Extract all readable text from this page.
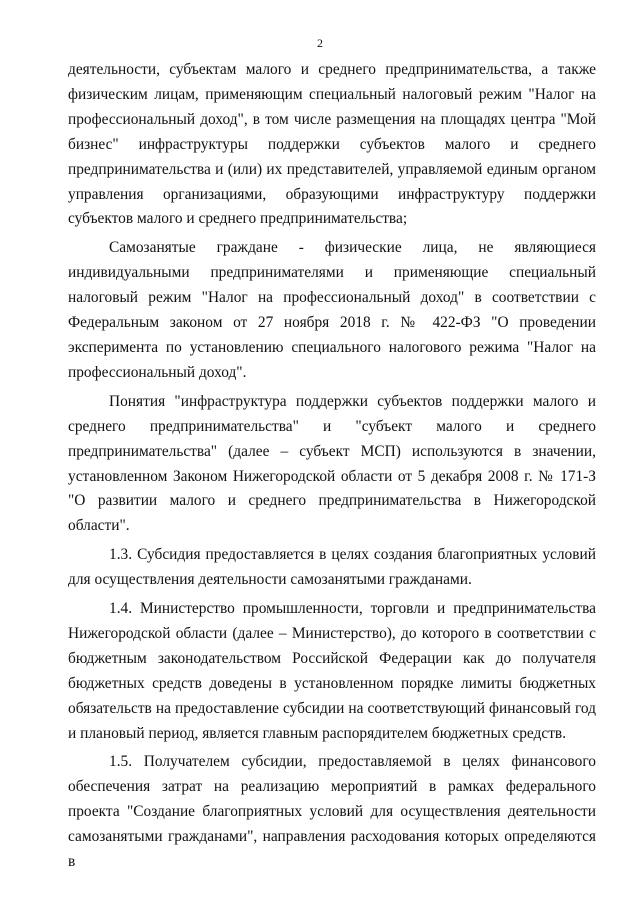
2

деятельности, субъектам малого и среднего предпринимательства, а также физическим лицам, применяющим специальный налоговый режим "Налог на профессиональный доход", в том числе размещения на площадях центра "Мой бизнес" инфраструктуры поддержки субъектов малого и среднего предпринимательства и (или) их представителей, управляемой единым органом управления организациями, образующими инфраструктуру поддержки субъектов малого и среднего предпринимательства;

Самозанятые граждане - физические лица, не являющиеся индивидуальными предпринимателями и применяющие специальный налоговый режим "Налог на профессиональный доход" в соответствии с Федеральным законом от 27 ноября 2018 г. № 422-ФЗ "О проведении эксперимента по установлению специального налогового режима "Налог на профессиональный доход".

Понятия "инфраструктура поддержки субъектов поддержки малого и среднего предпринимательства" и "субъект малого и среднего предпринимательства" (далее – субъект МСП) используются в значении, установленном Законом Нижегородской области от 5 декабря 2008 г. № 171-З "О развитии малого и среднего предпринимательства в Нижегородской области".

1.3. Субсидия предоставляется в целях создания благоприятных условий для осуществления деятельности самозанятыми гражданами.

1.4. Министерство промышленности, торговли и предпринимательства Нижегородской области (далее – Министерство), до которого в соответствии с бюджетным законодательством Российской Федерации как до получателя бюджетных средств доведены в установленном порядке лимиты бюджетных обязательств на предоставление субсидии на соответствующий финансовый год и плановый период, является главным распорядителем бюджетных средств.

1.5. Получателем субсидии, предоставляемой в целях финансового обеспечения затрат на реализацию мероприятий в рамках федерального проекта "Создание благоприятных условий для осуществления деятельности самозанятыми гражданами", направления расходования которых определяются в
